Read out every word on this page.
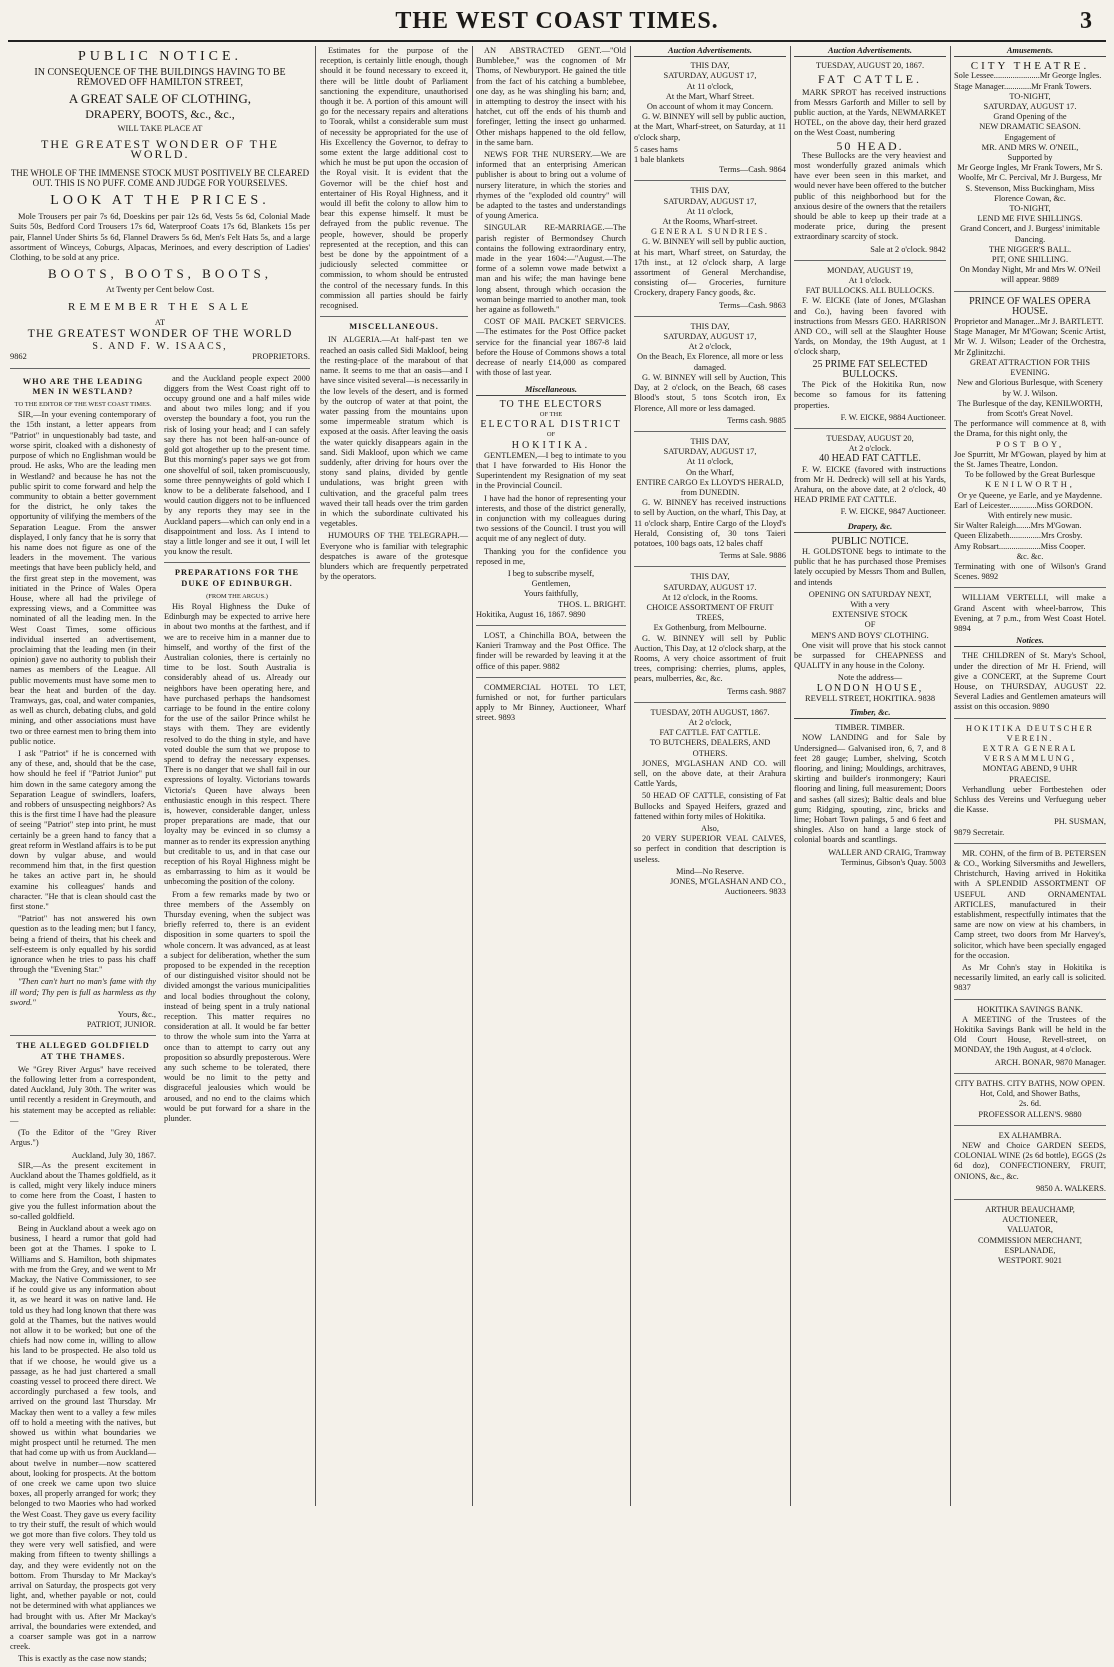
THE WEST COAST TIMES.	3
PUBLIC NOTICE.
IN CONSEQUENCE OF THE BUILDINGS HAVING TO BE REMOVED OFF HAMILTON STREET,
A GREAT SALE OF CLOTHING,
DRAPERY, BOOTS, &c., &c.,
WILL TAKE PLACE AT
THE GREATEST WONDER OF THE WORLD.
THE WHOLE OF THE IMMENSE STOCK MUST POSITIVELY BE CLEARED OUT. THIS IS NO PUFF. COME AND JUDGE FOR YOURSELVES.
LOOK AT THE PRICES.

Mole Trousers per pair 7s 6d, Doeskins per pair 12s 6d, Vests 5s 6d, Colonial Made Suits 50s, Bedford Cord Trousers 17s 6d, Waterproof Coats 17s 6d, Blankets 15s per pair, Flannel Under Shirts 5s 6d, Flannel Drawers 5s 6d, Men's Felt Hats 5s, and a large assortment of Winceys, Coburgs, Alpacas, Merinoes, and every description of Ladies' Clothing, to be sold at any price.

BOOTS, BOOTS, BOOTS,
At Twenty per Cent below Cost.
REMEMBER THE SALE
AT
THE GREATEST WONDER OF THE WORLD
S. AND F. W. ISAACS,
9862	PROPRIETORS.
WHO ARE THE LEADING MEN IN WESTLAND?
TO THE EDITOR OF THE WEST COAST TIMES.

SIR,—In your evening contemporary of the 15th instant, a letter appears from "Patriot" in unquestionably bad taste, and worse spirit, cloaked with a dishonesty of purpose of which no Englishman would be proud. He asks, Who are the leading men in Westland? and because he has not the public spirit to come forward and help the community to obtain a better government for the district, he only takes the opportunity of vilifying the members of the Separation League. From the answer displayed, I only fancy that he is sorry that his name does not figure as one of the leaders in the movement. The various meetings that have been publicly held, and the first great step in the movement, was initiated in the Prince of Wales Opera House, where all had the privilege of expressing views, and a Committee was nominated of all the leading men. In the West Coast Times, some officious individual inserted an advertisement, proclaiming that the leading men (in their opinion) gave no authority to publish their names as members of the League. All public movements must have some men to bear the heat and burden of the day. Tramways, gas, coal, and water companies, as well as church, debating clubs, and gold mining, and other associations must have two or three earnest men to bring them into public notice.

I ask "Patriot" if he is concerned with any of these, and, should that be the case, how should he feel if "Patriot Junior" put him down in the same category among the Separation League of swindlers, loafers, and robbers of unsuspecting neighbors? As this is the first time I have had the pleasure of seeing "Patriot" step into print, he must certainly be a green hand to fancy that a great reform in Westland affairs is to be put down by vulgar abuse, and would recommend him that, in the first question he takes an active part in, he should examine his colleagues' hands and character. "He that is clean should cast the first stone."

"Patriot" has not answered his own question as to the leading men; but I fancy, being a friend of theirs, that his cheek and self-esteem is only equalled by his sordid ignorance when he tries to pass his chaff through the "Evening Star."

"Then can't hurt no man's fame with thy ill word; Thy pen is full as harmless as thy sword."

Yours, &c.,
PATRIOT, JUNIOR.
THE ALLEGED GOLDFIELD AT THE THAMES.

We "Grey River Argus" have received the following letter from a correspondent, dated Auckland, July 30th. The writer was until recently a resident in Greymouth, and his statement may be accepted as reliable:—

(To the Editor of the "Grey River Argus.")

Auckland, July 30, 1867.

SIR,—As the present excitement in Auckland about the Thames goldfield, as it is called, might very likely induce miners to come here from the Coast, I hasten to give you the fullest information about the so-called goldfield.

Being in Auckland about a week ago on business, I heard a rumor that gold had been got at the Thames. I spoke to I. Williams and S. Hamilton, both shipmates with me from the Grey, and we went to Mr Mackay, the Native Commissioner, to see if he could give us any information about it, as we heard it was on native land. He told us they had long known that there was gold at the Thames, but the natives would not allow it to be worked; but one of the chiefs had now come in, willing to allow his land to be prospected. He also told us that if we choose, he would give us a passage, as he had just chartered a small coasting vessel to proceed there direct. We accordingly purchased a few tools, and arrived on the ground last Thursday. Mr Mackay then went to a valley a few miles off to hold a meeting with the natives, but showed us within what boundaries we might prospect until he returned. The men that had come up with us from Auckland—about twelve in number—now scattered about, looking for prospects. At the bottom of one creek we came upon two sluice boxes, all properly arranged for work; they belonged to two Maories who had worked the West Coast. They gave us every facility to try their stuff, the result of which would we got more than five colors. They told us they were very well satisfied, and were making from fifteen to twenty shillings a day, and they were evidently not on the bottom. From Thursday to Mr Mackay's arrival on Saturday, the prospects got very light, and, whether payable or not, could not be determined with what appliances we had brought with us. After Mr Mackay's arrival, the boundaries were extended, and a coarser sample was got in a narrow creek.

This is exactly as the case now stands;

and the Auckland people expect 2000 diggers from the West Coast right off to occupy ground one and a half miles wide and about two miles long; and if you overstep the boundary a foot, you run the risk of losing your head; and I can safely say there has not been half-an-ounce of gold got altogether up to the present time. But this morning's paper says we got from one shovelful of soil, taken promiscuously, some three pennyweights of gold which I know to be a deliberate falsehood, and I would caution diggers not to be influenced by any reports they may see in the Auckland papers—which can only end in a disappointment and loss. As I intend to stay a little longer and see it out, I will let you know the result.

PREPARATIONS FOR THE DUKE OF EDINBURGH.
(FROM THE ARGUS.)

His Royal Highness the Duke of Edinburgh may be expected to arrive here in about two months at the farthest, and if we are to receive him in a manner due to himself, and worthy of the first of the Australian colonies, there is certainly no time to be lost. South Australia is considerably ahead of us. Already our neighbors have been operating here, and have purchased perhaps the handsomest carriage to be found in the entire colony for the use of the sailor Prince whilst he stays with them. They are evidently resolved to do the thing in style, and have voted double the sum that we propose to spend to defray the necessary expenses. There is no danger that we shall fail in our expressions of loyalty. Victorians towards Victoria's Queen have always been enthusiastic enough in this respect. There is, however, considerable danger, unless proper preparations are made, that our loyalty may be evinced in so clumsy a manner as to render its expression anything but creditable to us, and in that case our reception of his Royal Highness might be as embarrassing to him as it would be unbecoming the position of the colony.

From a few remarks made by two or three members of the Assembly on Thursday evening, when the subject was briefly referred to, there is an evident disposition in some quarters to spoil the whole concern. It was advanced, as at least a subject for deliberation, whether the sum proposed to be expended in the reception of our distinguished visitor should not be divided amongst the various municipalities and local bodies throughout the colony, instead of being spent in a truly national reception. This matter requires no consideration at all. It would be far better to throw the whole sum into the Yarra at once than to attempt to carry out any proposition so absurdly preposterous. Were any such scheme to be tolerated, there would be no limit to the petty and disgraceful jealousies which would be aroused, and no end to the claims which would be put forward for a share in the plunder.

Estimates for the purpose of the reception, is certainly little enough, though should it be found necessary to exceed it, there will be little doubt of Parliament sanctioning the expenditure, unauthorised though it be. A portion of this amount will go for the necessary repairs and alterations to Toorak, whilst a considerable sum must of necessity be appropriated for the use of His Excellency the Governor, to defray to some extent the large additional cost to which he must be put upon the occasion of the Royal visit. It is evident that the Governor will be the chief host and entertainer of His Royal Highness, and it would ill befit the colony to allow him to bear this expense himself. It must be defrayed from the public revenue. The people, however, should be properly represented at the reception, and this can best be done by the appointment of a judiciously selected committee or commission, to whom should be entrusted the control of the necessary funds. In this commission all parties should be fairly recognised.

MISCELLANEOUS.

IN ALGERIA.—At half-past ten we reached an oasis called Sidi Makloof, being the resting-place of the marabout of that name. It seems to me that an oasis—and I have since visited several—is necessarily in the low levels of the desert, and is formed by the outcrop of water at that point, the water passing from the mountains upon some impermeable stratum which is exposed at the oasis. After leaving the oasis the water quickly disappears again in the sand. Sidi Makloof, upon which we came suddenly, after driving for hours over the stony sand plains, divided by gentle undulations, was bright green with cultivation, and the graceful palm trees waved their tall heads over the trim garden in which the subordinate cultivated his vegetables.

HUMOURS OF THE TELEGRAPH.—Everyone who is familiar with telegraphic despatches is aware of the grotesque blunders which are frequently perpetrated by the operators.

AN ABSTRACTED GENT.—"Old Bumblebee," was the cognomen of Mr Thoms, of Newburyport. He gained the title from the fact of his catching a bumblebee, one day, as he was shingling his barn; and, in attempting to destroy the insect with his hatchet, cut off the ends of his thumb and forefinger, letting the insect go unharmed. Other mishaps happened to the old fellow, in the same barn.

NEWS FOR THE NURSERY.—We are informed that an enterprising American publisher is about to bring out a volume of nursery literature, in which the stories and rhymes of the "exploded old country" will be adapted to the tastes and understandings of young America.

SINGULAR RE-MARRIAGE.—The parish register of Bermondsey Church contains the following extraordinary entry, made in the year 1604:—"August.—The forme of a solemn vowe made betwixt a man and his wife; the man havinge bene long absent, through which occasion the woman beinge married to another man, took her againe as followeth."

COST OF MAIL PACKET SERVICES.—The estimates for the Post Office packet service for the financial year 1867-8 laid before the House of Commons shows a total decrease of nearly £14,000 as compared with those of last year.

Miscellaneous.
TO THE ELECTORS
OF THE
ELECTORAL DISTRICT
OF
HOKITIKA.

GENTLEMEN,—I beg to intimate to you that I have forwarded to His Honor the Superintendent my Resignation of my seat in the Provincial Council.

I have had the honor of representing your interests, and those of the district generally, in conjunction with my colleagues during two sessions of the Council. I trust you will acquit me of any neglect of duty.

Thanking you for the confidence you reposed in me,

I beg to subscribe myself,
Gentlemen,
Yours faithfully,
THOS. L. BRIGHT.
Hokitika, August 16, 1867. 9890

LOST, a Chinchilla BOA, between the Kanieri Tramway and the Post Office. The finder will be rewarded by leaving it at the office of this paper. 9882

COMMERCIAL HOTEL TO LET, furnished or not, for further particulars apply to Mr Binney, Auctioneer, Wharf street. 9893

Auction Advertisements.
THIS DAY,
SATURDAY, AUGUST 17,
At 11 o'clock,
At the Mart, Wharf Street.
On account of whom it may Concern.

G. W. BINNEY will sell by public auction, at the Mart, Wharf-street, on Saturday, at 11 o'clock sharp,

5 cases hams
1 bale blankets
Terms—Cash. 9864
THIS DAY,
SATURDAY, AUGUST 17,
At 11 o'clock,
At the Rooms, Wharf-street.
GENERAL SUNDRIES.

G. W. BINNEY will sell by public auction, at his mart, Wharf street, on Saturday, the 17th inst., at 12 o'clock sharp, A large assortment of General Merchandise, consisting of— Groceries, furniture Crockery, drapery Fancy goods, &c.

Terms—Cash. 9863
THIS DAY,
SATURDAY, AUGUST 17,
At 2 o'clock,
On the Beach, Ex Florence, all more or less damaged.

G. W. BINNEY will sell by Auction, This Day, at 2 o'clock, on the Beach, 68 cases Blood's stout, 5 tons Scotch iron, Ex Florence, All more or less damaged.

Terms cash. 9885
THIS DAY,
SATURDAY, AUGUST 17,
At 11 o'clock,
On the Wharf,
ENTIRE CARGO Ex LLOYD'S HERALD, from DUNEDIN.

G. W. BINNEY has received instructions to sell by Auction, on the wharf, This Day, at 11 o'clock sharp, Entire Cargo of the Lloyd's Herald, Consisting of, 30 tons Taieri potatoes, 100 bags oats, 12 bales chaff

Terms at Sale. 9886
THIS DAY,
SATURDAY, AUGUST 17.
At 12 o'clock, in the Rooms.
CHOICE ASSORTMENT OF FRUIT TREES,
Ex Gothenburg, from Melbourne.

G. W. BINNEY will sell by Public Auction, This Day, at 12 o'clock sharp, at the Rooms, A very choice assortment of fruit trees, comprising: cherries, plums, apples, pears, mulberries, &c, &c.

Terms cash. 9887
TUESDAY, 20TH AUGUST, 1867.
At 2 o'clock,
FAT CATTLE. FAT CATTLE.
TO BUTCHERS, DEALERS, AND OTHERS.

JONES, M'GLASHAN AND CO. will sell, on the above date, at their Arahura Cattle Yards,

50 HEAD OF CATTLE, consisting of Fat Bullocks and Spayed Heifers, grazed and fattened within forty miles of Hokitika.

Also,

20 VERY SUPERIOR VEAL CALVES, so perfect in condition that description is useless.

Mind—No Reserve.
JONES, M'GLASHAN AND CO., Auctioneers. 9833
Auction Advertisements.
TUESDAY, AUGUST 20, 1867.
FAT CATTLE.

MARK SPROT has received instructions from Messrs Garforth and Miller to sell by public auction, at the Yards, NEWMARKET HOTEL, on the above day, their herd grazed on the West Coast, numbering

50 HEAD.

These Bullocks are the very heaviest and most wonderfully grazed animals which have ever been seen in this market, and would never have been offered to the butcher public of this neighborhood but for the anxious desire of the owners that the retailers should be able to keep up their trade at a moderate price, during the present extraordinary scarcity of stock.

Sale at 2 o'clock. 9842
MONDAY, AUGUST 19,
At 1 o'clock.
FAT BULLOCKS. ALL BULLOCKS.

F. W. EICKE (late of Jones, M'Glashan and Co.), having been favored with instructions from Messrs GEO. HARRISON AND CO., will sell at the Slaughter House Yards, on Monday, the 19th August, at 1 o'clock sharp,

25 PRIME FAT SELECTED BULLOCKS.

The Pick of the Hokitika Run, now become so famous for its fattening properties.

F. W. EICKE, 9884 Auctioneer.
TUESDAY, AUGUST 20,
At 2 o'clock.
40 HEAD FAT CATTLE.

F. W. EICKE (favored with instructions from Mr H. Dedreck) will sell at his Yards, Arahura, on the above date, at 2 o'clock, 40 HEAD PRIME FAT CATTLE.

F. W. EICKE, 9847 Auctioneer.
Drapery, &c.
PUBLIC NOTICE.

H. GOLDSTONE begs to intimate to the public that he has purchased those Premises lately occupied by Messrs Thom and Bullen, and intends

OPENING ON SATURDAY NEXT,
With a very
EXTENSIVE STOCK
OF
MEN'S AND BOYS' CLOTHING.

One visit will prove that his stock cannot be surpassed for CHEAPNESS and QUALITY in any house in the Colony.

Note the address—
LONDON HOUSE,
REVELL STREET, HOKITIKA. 9838
Timber, &c.
TIMBER. TIMBER.

NOW LANDING and for Sale by Undersigned— Galvanised iron, 6, 7, and 8 feet 28 gauge; Lumber, shelving, Scotch flooring, and lining; Mouldings, architraves, skirting and builder's ironmongery; Kauri flooring and lining, full measurement; Doors and sashes (all sizes); Baltic deals and blue gum; Ridging, spouting, zinc, bricks and lime; Hobart Town palings, 5 and 6 feet and shingles. Also on hand a large stock of colonial boards and scantlings.

WALLER AND CRAIG, Tramway Terminus, Gibson's Quay. 5003
Amusements.
CITY THEATRE.
Sole Lessee......................Mr George Ingles.
Stage Manager.............Mr Frank Towers.
TO-NIGHT,
SATURDAY, AUGUST 17.
Grand Opening of the
NEW DRAMATIC SEASON.
Engagement of
MR. AND MRS W. O'NEIL,
Supported by
Mr George Ingles, Mr Frank Towers, Mr S. Woolfe, Mr C. Percival, Mr J. Burgess, Mr S. Stevenson, Miss Buckingham, Miss Florence Cowan, &c.
TO-NIGHT,
LEND ME FIVE SHILLINGS.
Grand Concert, and J. Burgess' inimitable Dancing.
THE NIGGER'S BALL.
PIT, ONE SHILLING.
On Monday Night, Mr and Mrs W. O'Neil will appear. 9889
PRINCE OF WALES OPERA HOUSE.
Proprietor and Manager...Mr J. BARTLETT.
Stage Manager, Mr M'Gowan; Scenic Artist, Mr W. J. Wilson; Leader of the Orchestra, Mr Zglinitzchi.
GREAT ATTRACTION FOR THIS EVENING.
New and Glorious Burlesque, with Scenery by W. J. Wilson.
The Burlesque of the day, KENILWORTH, from Scott's Great Novel.
The performance will commence at 8, with the Drama, for this night only, the
POST BOY,
Joe Spurritt, Mr M'Gowan, played by him at the St. James Theatre, London.
To be followed by the Great Burlesque
KENILWORTH,
Or ye Queene, ye Earle, and ye Maydenne.
Earl of Leicester.............Miss GORDON.
With entirely new music.
Sir Walter Raleigh.......Mrs M'Gowan.
Queen Elizabeth...............Mrs Crosby.
Amy Robsart....................Miss Cooper.
&c. &c.
Terminating with one of Wilson's Grand Scenes. 9892

WILLIAM VERTELLI, will make a Grand Ascent with wheel-barrow, This Evening, at 7 p.m., from West Coast Hotel. 9894

Notices.

THE CHILDREN of St. Mary's School, under the direction of Mr H. Friend, will give a CONCERT, at the Supreme Court House, on THURSDAY, AUGUST 22. Several Ladies and Gentlemen amateurs will assist on this occasion. 9890

HOKITIKA DEUTSCHER VEREIN.
EXTRA GENERAL
VERSAMMLUNG,
MONTAG ABEND, 9 UHR
PRAECISE.

Verhandlung ueber Fortbestehen oder Schluss des Vereins und Verfuegung ueber die Kasse.

PH. SUSMAN,
9879 Secretair.

MR. COHN, of the firm of B. PETERSEN & CO., Working Silversmiths and Jewellers, Christchurch, Having arrived in Hokitika with A SPLENDID ASSORTMENT OF USEFUL AND ORNAMENTAL ARTICLES, manufactured in their establishment, respectfully intimates that the same are now on view at his chambers, in Camp street, two doors from Mr Harvey's, solicitor, which have been specially engaged for the occasion.

As Mr Cohn's stay in Hokitika is necessarily limited, an early call is solicited. 9837

HOKITIKA SAVINGS BANK.

A MEETING of the Trustees of the Hokitika Savings Bank will be held in the Old Court House, Revell-street, on MONDAY, the 19th August, at 4 o'clock.

ARCH. BONAR, 9870 Manager.
CITY BATHS. CITY BATHS, NOW OPEN.
Hot, Cold, and Shower Baths,
2s. 6d.
PROFESSOR ALLEN'S. 9880
EX ALHAMBRA.

NEW and Choice GARDEN SEEDS, COLONIAL WINE (2s 6d bottle), EGGS (2s 6d doz), CONFECTIONERY, FRUIT, ONIONS, &c., &c.

9850 A. WALKERS.
ARTHUR BEAUCHAMP,
AUCTIONEER,
VALUATOR,
COMMISSION MERCHANT,
ESPLANADE,
WESTPORT. 9021
